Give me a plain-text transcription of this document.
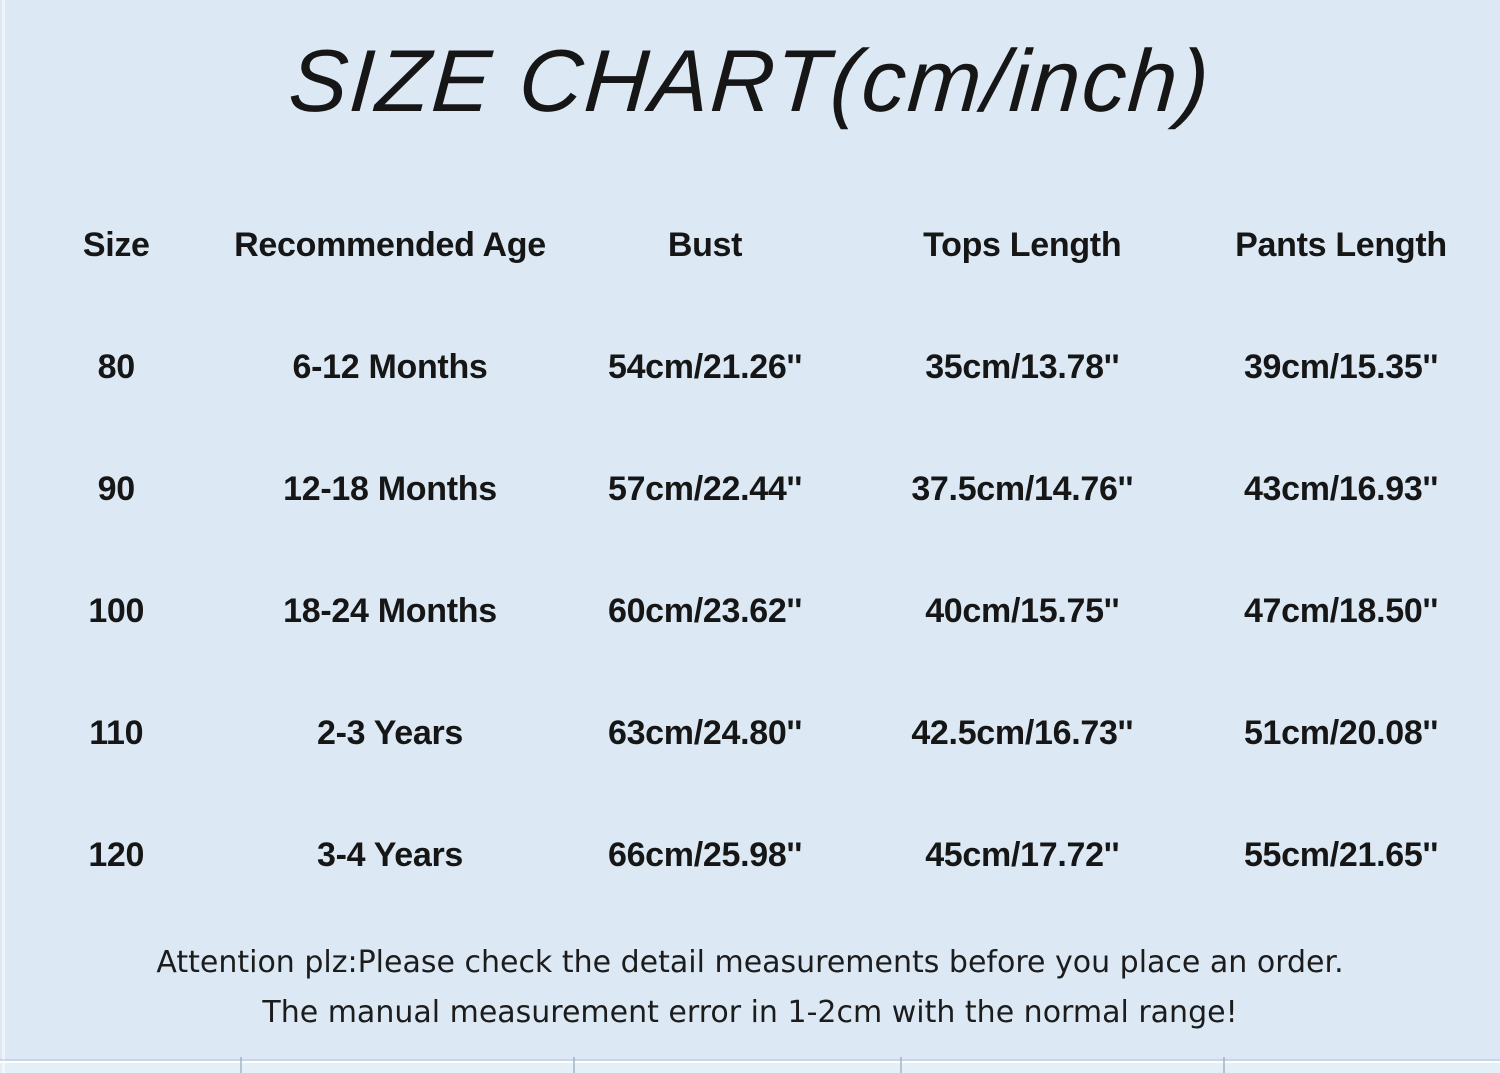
SIZE CHART(cm/inch)
Size	Recommended Age	Bust	Tops Length	Pants Length
80	6-12 Months	54cm/21.26''	35cm/13.78''	39cm/15.35''
90	12-18 Months	57cm/22.44''	37.5cm/14.76''	43cm/16.93''
100	18-24 Months	60cm/23.62''	40cm/15.75''	47cm/18.50''
110	2-3 Years	63cm/24.80''	42.5cm/16.73''	51cm/20.08''
120	3-4 Years	66cm/25.98''	45cm/17.72''	55cm/21.65''
Attention plz:Please check the detail measurements before you place an order.
The manual measurement error in 1-2cm with the normal range!
